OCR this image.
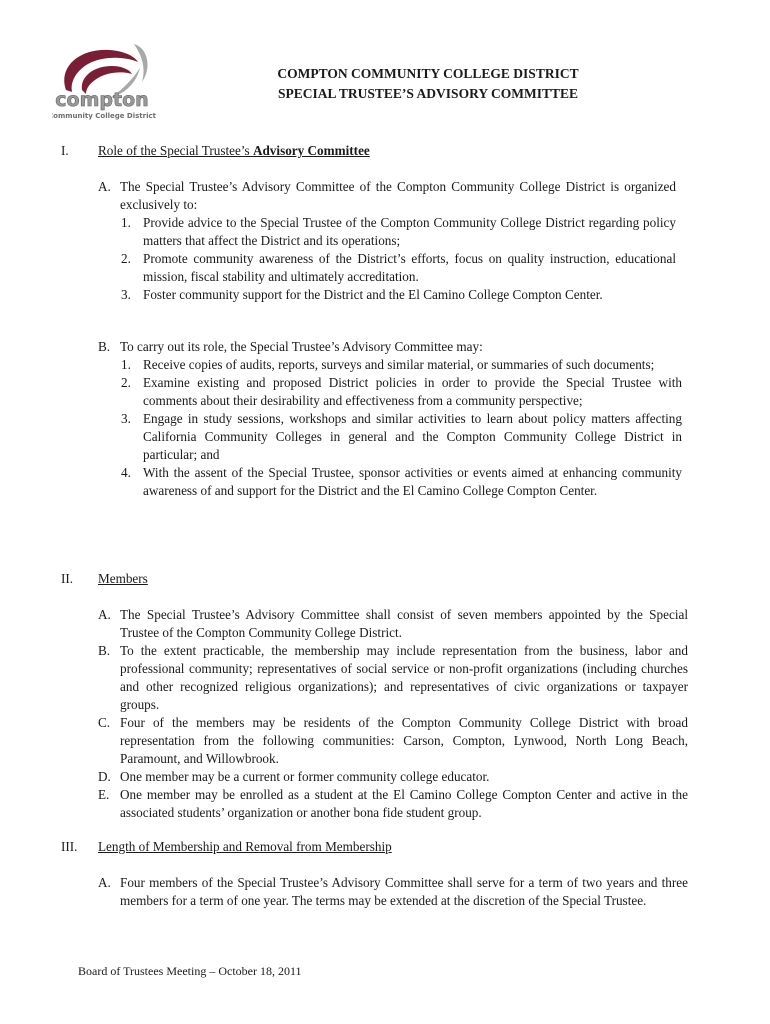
compton
Community College District
COMPTON COMMUNITY COLLEGE DISTRICT
SPECIAL TRUSTEE’S ADVISORY COMMITTEE
I. Role of the Special Trustee’s Advisory Committee
A. The Special Trustee’s Advisory Committee of the Compton Community College District is organized exclusively to:
1. Provide advice to the Special Trustee of the Compton Community College District regarding policy matters that affect the District and its operations;
2. Promote community awareness of the District’s efforts, focus on quality instruction, educational mission, fiscal stability and ultimately accreditation.
3. Foster community support for the District and the El Camino College Compton Center.
B. To carry out its role, the Special Trustee’s Advisory Committee may:
1. Receive copies of audits, reports, surveys and similar material, or summaries of such documents;
2. Examine existing and proposed District policies in order to provide the Special Trustee with comments about their desirability and effectiveness from a community perspective;
3. Engage in study sessions, workshops and similar activities to learn about policy matters affecting California Community Colleges in general and the Compton Community College District in particular; and
4. With the assent of the Special Trustee, sponsor activities or events aimed at enhancing community awareness of and support for the District and the El Camino College Compton Center.
II. Members
A. The Special Trustee’s Advisory Committee shall consist of seven members appointed by the Special Trustee of the Compton Community College District.
B. To the extent practicable, the membership may include representation from the business, labor and professional community; representatives of social service or non-profit organizations (including churches and other recognized religious organizations); and representatives of civic organizations or taxpayer groups.
C. Four of the members may be residents of the Compton Community College District with broad representation from the following communities: Carson, Compton, Lynwood, North Long Beach, Paramount, and Willowbrook.
D. One member may be a current or former community college educator.
E. One member may be enrolled as a student at the El Camino College Compton Center and active in the associated students’ organization or another bona fide student group.
III. Length of Membership and Removal from Membership
A. Four members of the Special Trustee’s Advisory Committee shall serve for a term of two years and three members for a term of one year. The terms may be extended at the discretion of the Special Trustee.
Board of Trustees Meeting – October 18, 2011
